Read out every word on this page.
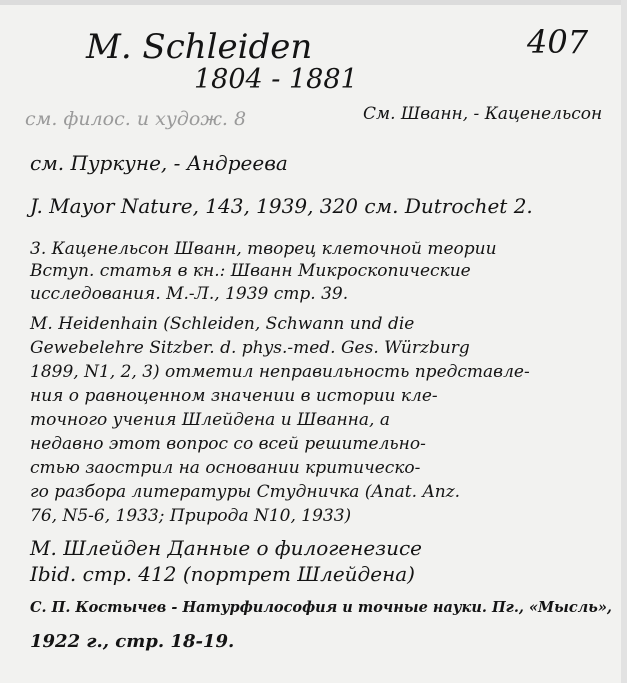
M. Schleiden	407
1804 - 1881
см. филос. и худож. 8	См. Шванн, - Каценельсон
см. Пуркуне, - Андреева
J. Mayor Nature, 143, 1939, 320 см. Dutrochet 2.
3. Каценельсон Шванн, творец клеточной теории
Вступ. статья в кн.: Шванн Микроскопические
исследования. М.-Л., 1939 стр. 39.
M. Heidenhain (Schleiden, Schwann und die
Gewebelehre Sitzber. d. phys.-med. Ges. Würzburg
1899, N1, 2, 3) отметил неправильность представле-
ния о равноценном значении в истории кле-
точного учения Шлейдена и Шванна, а
недавно этот вопрос со всей решительно-
стью заострил на основании критическо-
го разбора литературы Студничка (Anat. Anz.
76, N5-6, 1933; Природа N10, 1933)
M. Шлейден Данные о филогенезисе
Ibid. стр. 412 (портрет Шлейдена)
С. П. Костычев - Натурфилософия и точные науки. Пг., «Мысль»,
1922 г., стр. 18-19.
